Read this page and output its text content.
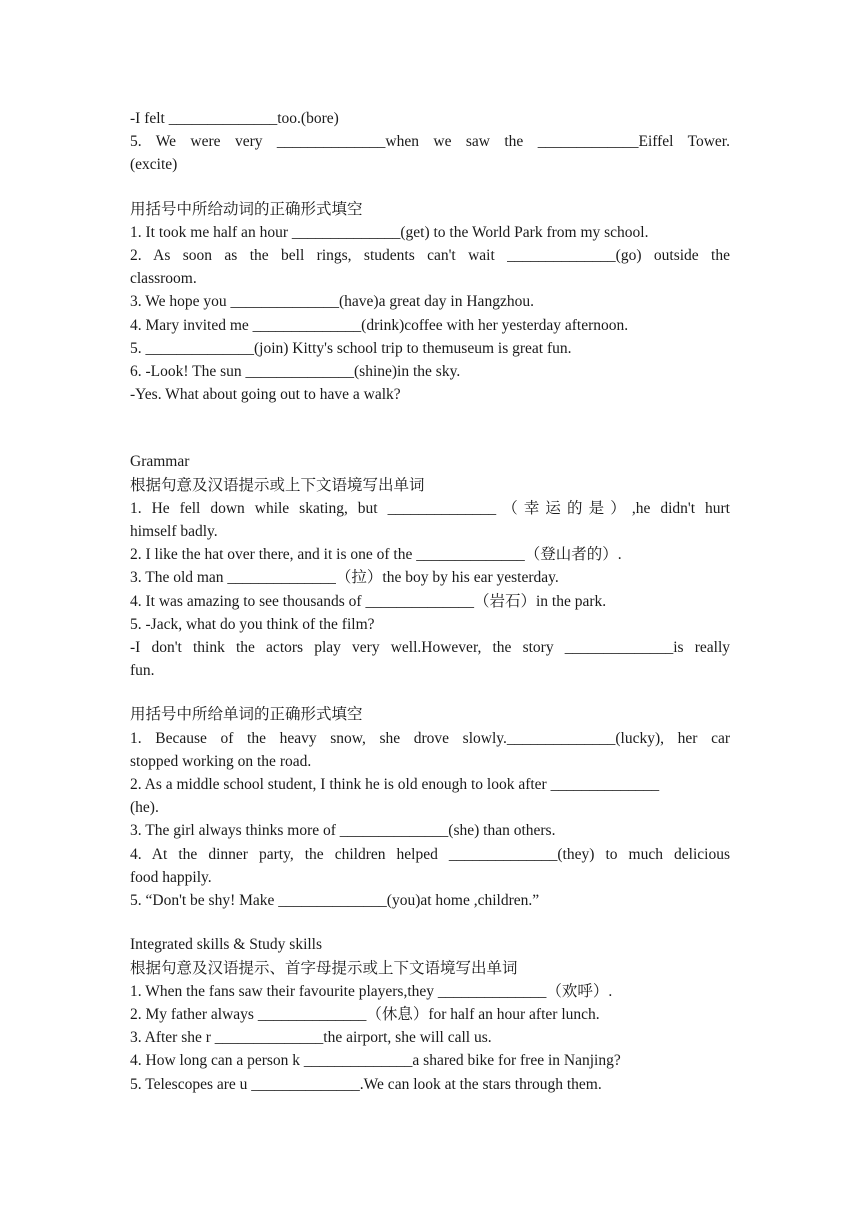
-I felt ______________too.(bore)
5. We were very ______________when we saw the _____________Eiffel Tower.
(excite)
用括号中所给动词的正确形式填空
1. It took me half an hour ______________(get) to the World Park from my school.
2. As soon as the bell rings, students can't wait ______________(go) outside the
classroom.
3. We hope you ______________(have)a great day in Hangzhou.
4. Mary invited me ______________(drink)coffee with her yesterday afternoon.
5. ______________(join) Kitty's school trip to themuseum is great fun.
6. -Look! The sun ______________(shine)in the sky.
-Yes. What about going out to have a walk?
Grammar
根据句意及汉语提示或上下文语境写出单词
1. He fell down while skating, but ______________（幸运的是）,he didn't hurt
himself badly.
2. I like the hat over there, and it is one of the ______________（登山者的）.
3. The old man ______________（拉）the boy by his ear yesterday.
4. It was amazing to see thousands of ______________（岩石）in the park.
5. -Jack, what do you think of the film?
-I don't think the actors play very well.However, the story ______________is really
fun.
用括号中所给单词的正确形式填空
1. Because of the heavy snow, she drove slowly.______________(lucky), her car
stopped working on the road.
2. As a middle school student, I think he is old enough to look after ______________
(he).
3. The girl always thinks more of ______________(she) than others.
4. At the dinner party, the children helped ______________(they) to much delicious
food happily.
5. “Don't be shy! Make ______________(you)at home ,children.”
Integrated skills & Study skills
根据句意及汉语提示、首字母提示或上下文语境写出单词
1. When the fans saw their favourite players,they ______________（欢呼）.
2. My father always ______________（休息）for half an hour after lunch.
3. After she r ______________the airport, she will call us.
4. How long can a person k ______________a shared bike for free in Nanjing?
5. Telescopes are u ______________.We can look at the stars through them.
